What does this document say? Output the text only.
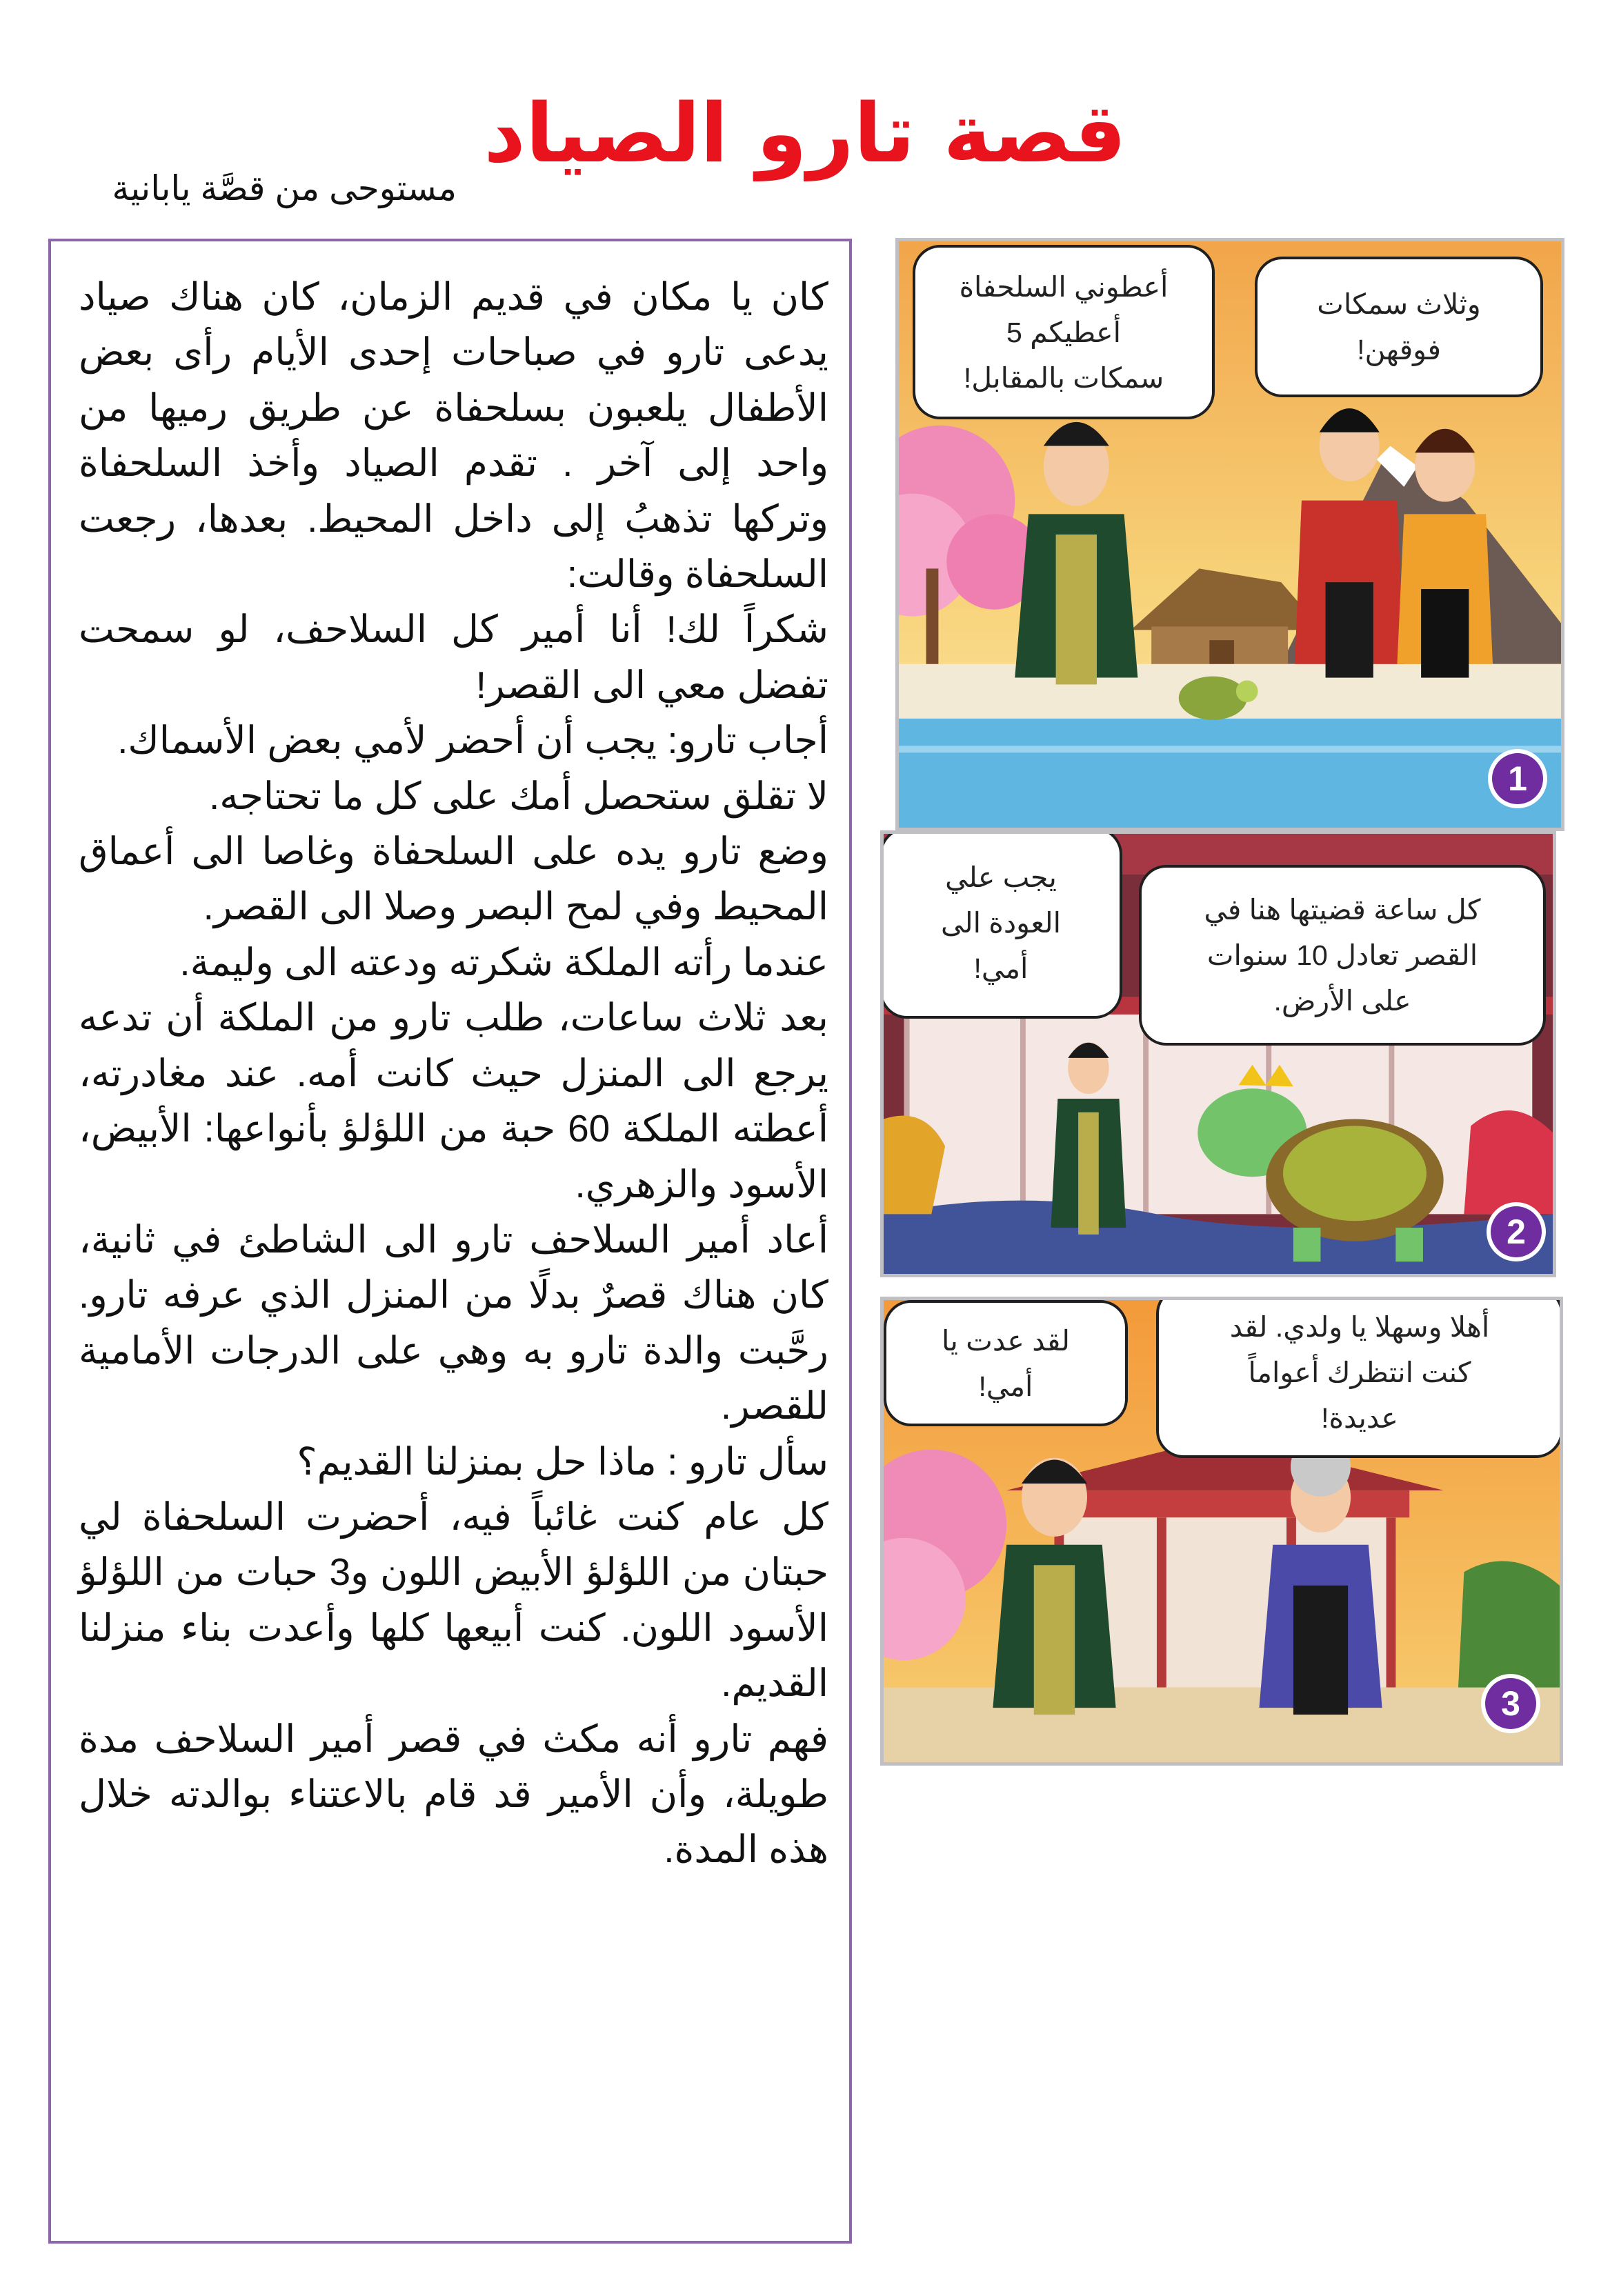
قصة تارو الصياد
مستوحى من قصَّة يابانية

كان يا مكان في قديم الزمان، كان هناك صياد يدعى تارو في صباحات إحدى الأيام رأى بعض الأطفال يلعبون بسلحفاة عن طريق رميها من واحد إلى آخر . تقدم الصياد وأخذ السلحفاة وتركها تذهبُ إلى داخل المحيط. بعدها، رجعت السلحفاة وقالت:

شكراً لك! أنا أمير كل السلاحف، لو سمحت تفضل معي الى القصر!

أجاب تارو: يجب أن أحضر لأمي بعض الأسماك.

لا تقلق ستحصل أمك على كل ما تحتاجه.

وضع تارو يده على السلحفاة وغاصا الى أعماق المحيط وفي لمح البصر وصلا الى القصر.

عندما رأته الملكة شكرته ودعته الى وليمة.

بعد ثلاث ساعات، طلب تارو من الملكة أن تدعه يرجع الى المنزل حيث كانت أمه. عند مغادرته، أعطته الملكة 60 حبة من اللؤلؤ بأنواعها: الأبيض، الأسود والزهري.

أعاد أمير السلاحف تارو الى الشاطئ في ثانية، كان هناك قصرٌ بدلًا من المنزل الذي عرفه تارو. رحَّبت والدة تارو به وهي على الدرجات الأمامية للقصر.

سأل تارو : ماذا حل بمنزلنا القديم؟

كل عام كنت غائباً فيه، أحضرت السلحفاة لي حبتان من اللؤلؤ الأبيض اللون و3 حبات من اللؤلؤ الأسود اللون. كنت أبيعها كلها وأعدت بناء منزلنا القديم.

فهم تارو أنه مكث في قصر أمير السلاحف مدة طويلة، وأن الأمير قد قام بالاعتناء بوالدته خلال هذه المدة.

أعطوني السلحفاة
أعطيكم 5
سمكات بالمقابل!
وثلاث سمكات
فوقهن!
1
يجب علي
العودة الى
أمي!
كل ساعة قضيتها هنا في
القصر تعادل 10 سنوات
على الأرض.
2
لقد عدت يا
أمي!
أهلا وسهلا يا ولدي. لقد
كنت انتظرك أعواماً
عديدة!
3
